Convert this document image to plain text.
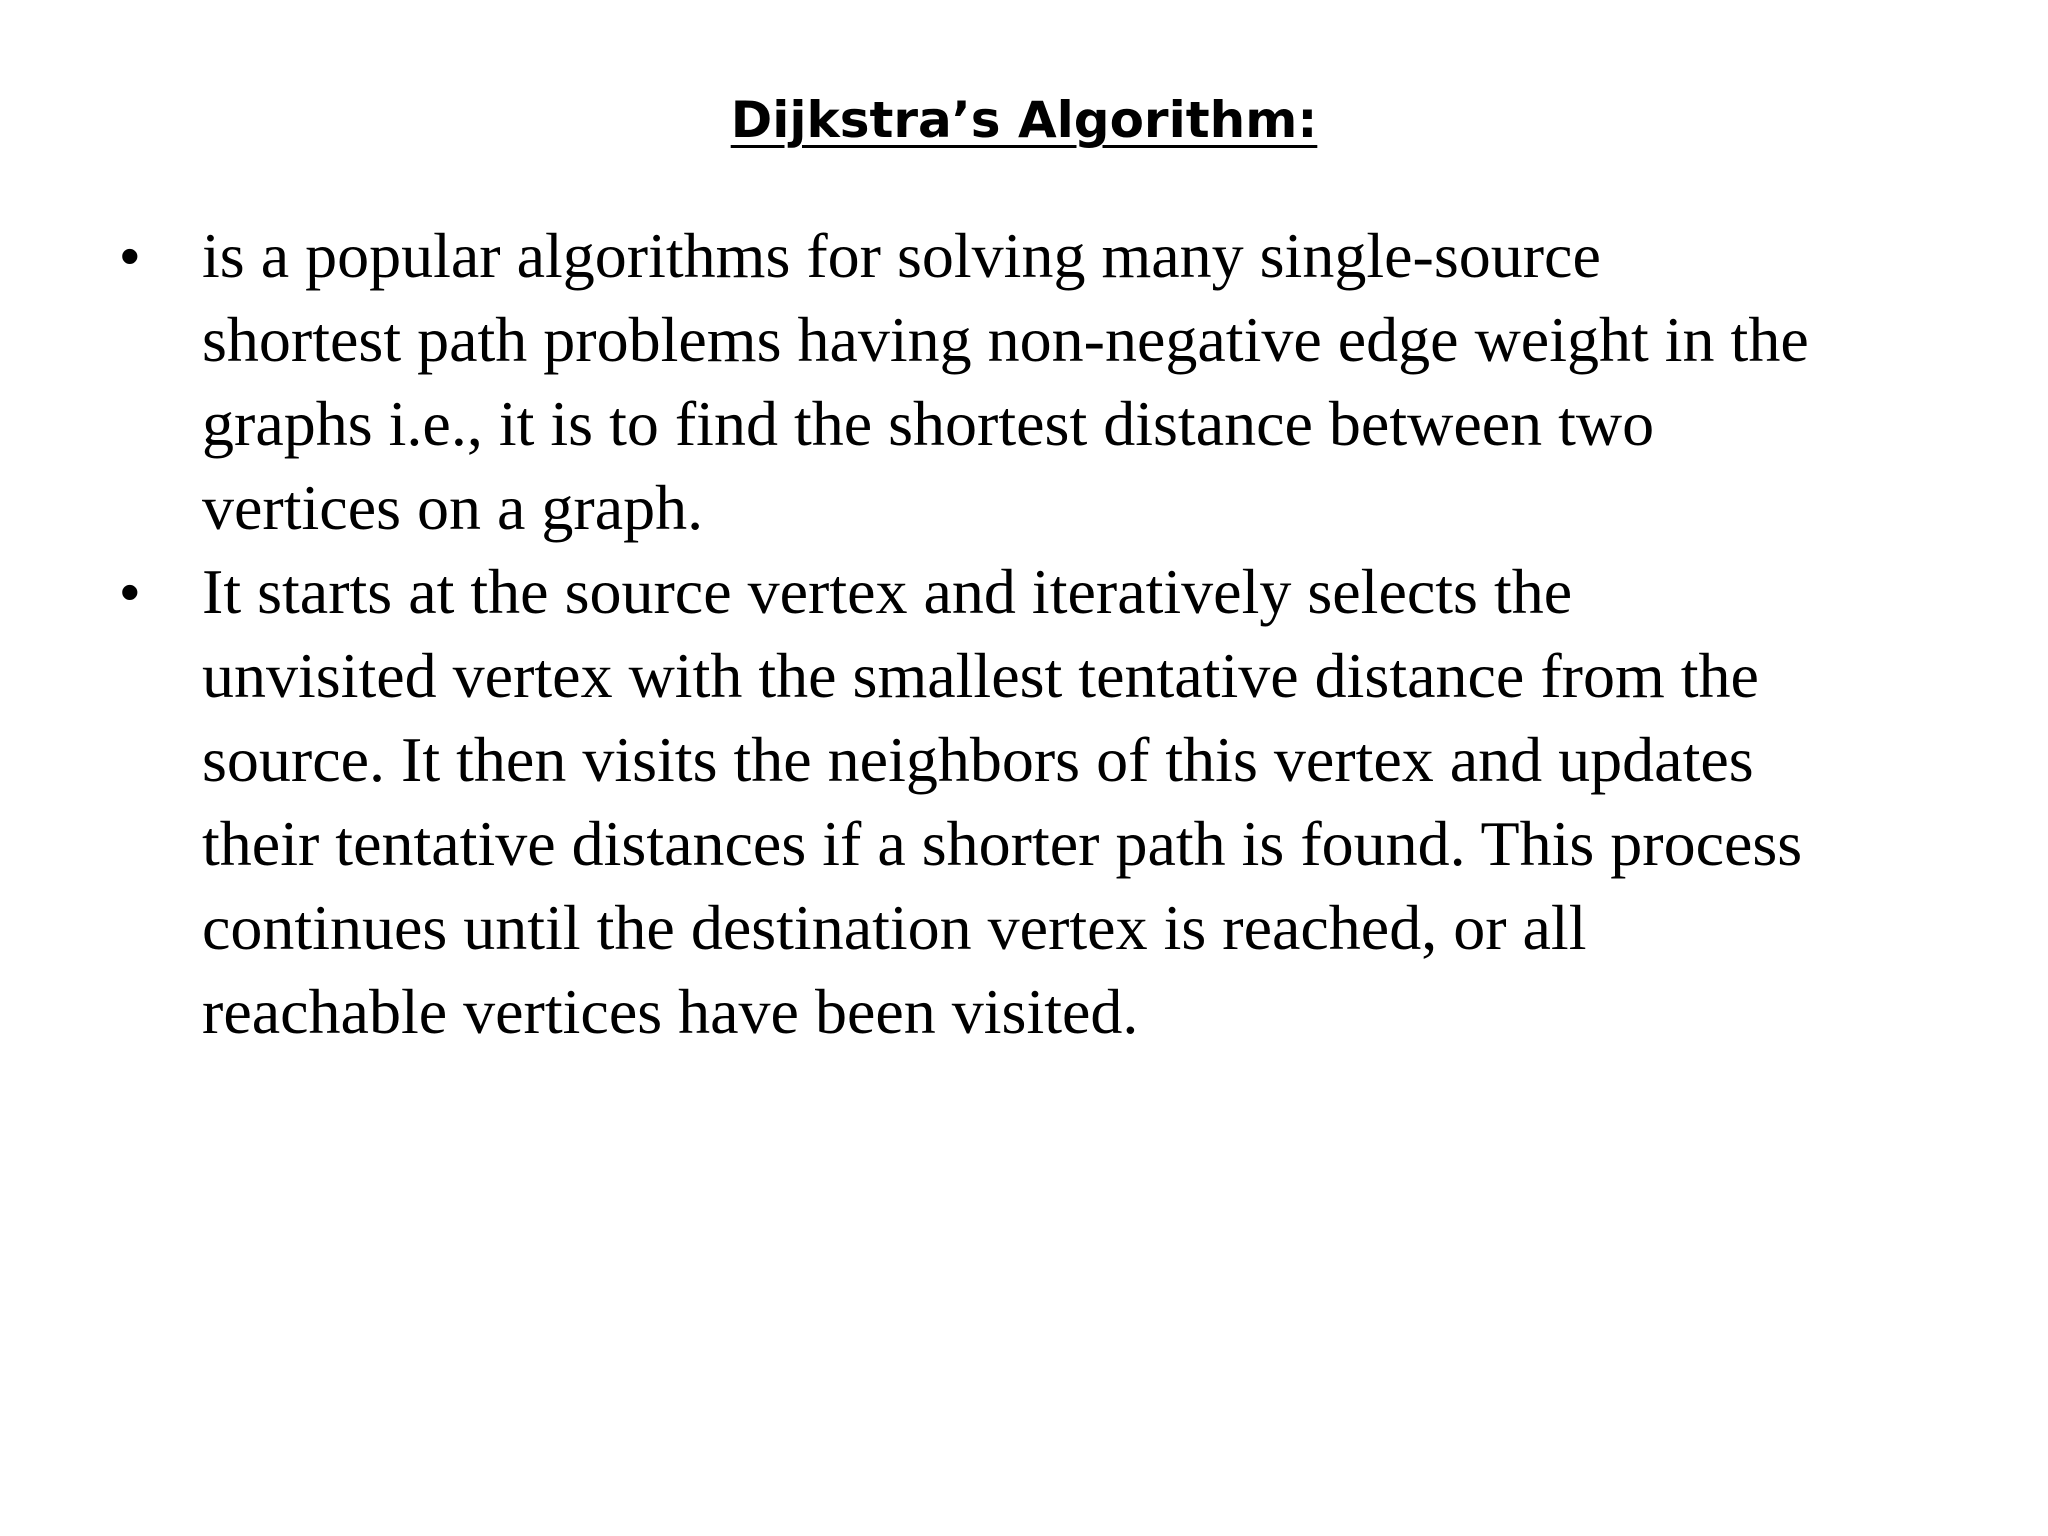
Dijkstra’s Algorithm:
• is a popular algorithms for solving many single-source
shortest path problems having non-negative edge weight in the
graphs i.e., it is to find the shortest distance between two
vertices on a graph.
• It starts at the source vertex and iteratively selects the
unvisited vertex with the smallest tentative distance from the
source. It then visits the neighbors of this vertex and updates
their tentative distances if a shorter path is found. This process
continues until the destination vertex is reached, or all
reachable vertices have been visited.
